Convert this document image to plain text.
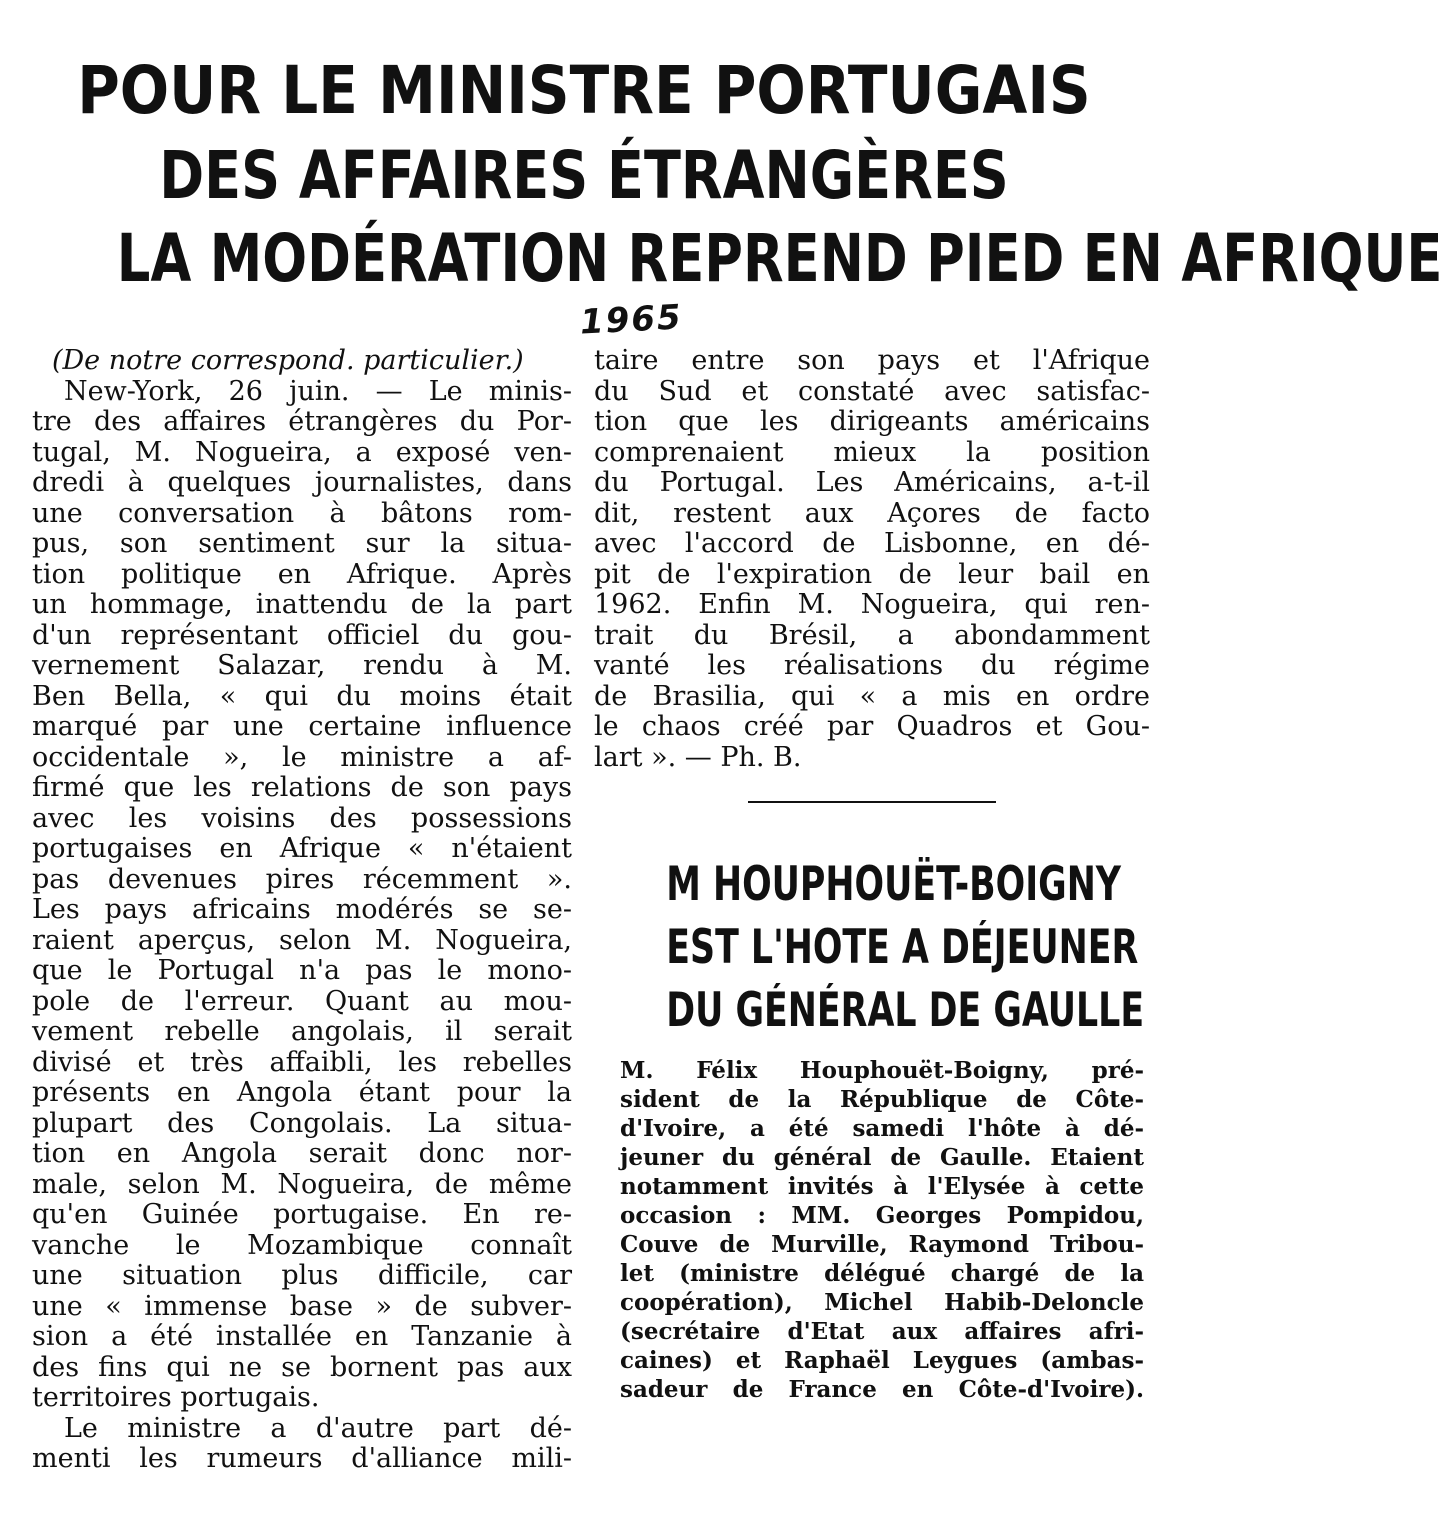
POUR LE MINISTRE PORTUGAIS
DES AFFAIRES ÉTRANGÈRES
LA MODÉRATION REPREND PIED EN AFRIQUE
1965
(De notre correspond. particulier.)
New-York, 26 juin. — Le minis-
tre des affaires étrangères du Por-
tugal, M. Nogueira, a exposé ven-
dredi à quelques journalistes, dans
une conversation à bâtons rom-
pus, son sentiment sur la situa-
tion politique en Afrique. Après
un hommage, inattendu de la part
d'un représentant officiel du gou-
vernement Salazar, rendu à M.
Ben Bella, « qui du moins était
marqué par une certaine influence
occidentale », le ministre a af-
firmé que les relations de son pays
avec les voisins des possessions
portugaises en Afrique « n'étaient
pas devenues pires récemment ».
Les pays africains modérés se se-
raient aperçus, selon M. Nogueira,
que le Portugal n'a pas le mono-
pole de l'erreur. Quant au mou-
vement rebelle angolais, il serait
divisé et très affaibli, les rebelles
présents en Angola étant pour la
plupart des Congolais. La situa-
tion en Angola serait donc nor-
male, selon M. Nogueira, de même
qu'en Guinée portugaise. En re-
vanche le Mozambique connaît
une situation plus difficile, car
une « immense base » de subver-
sion a été installée en Tanzanie à
des fins qui ne se bornent pas aux
territoires portugais.
Le ministre a d'autre part dé-
menti les rumeurs d'alliance mili-
taire entre son pays et l'Afrique
du Sud et constaté avec satisfac-
tion que les dirigeants américains
comprenaient mieux la position
du Portugal. Les Américains, a-t-il
dit, restent aux Açores de facto
avec l'accord de Lisbonne, en dé-
pit de l'expiration de leur bail en
1962. Enfin M. Nogueira, qui ren-
trait du Brésil, a abondamment
vanté les réalisations du régime
de Brasilia, qui « a mis en ordre
le chaos créé par Quadros et Gou-
lart ». — Ph. B.
M HOUPHOUËT-BOIGNY
EST L'HOTE A DÉJEUNER
DU GÉNÉRAL DE GAULLE
M. Félix Houphouët-Boigny, pré-
sident de la République de Côte-
d'Ivoire, a été samedi l'hôte à dé-
jeuner du général de Gaulle. Etaient
notamment invités à l'Elysée à cette
occasion : MM. Georges Pompidou,
Couve de Murville, Raymond Tribou-
let (ministre délégué chargé de la
coopération), Michel Habib-Deloncle
(secrétaire d'Etat aux affaires afri-
caines) et Raphaël Leygues (ambas-
sadeur de France en Côte-d'Ivoire).
